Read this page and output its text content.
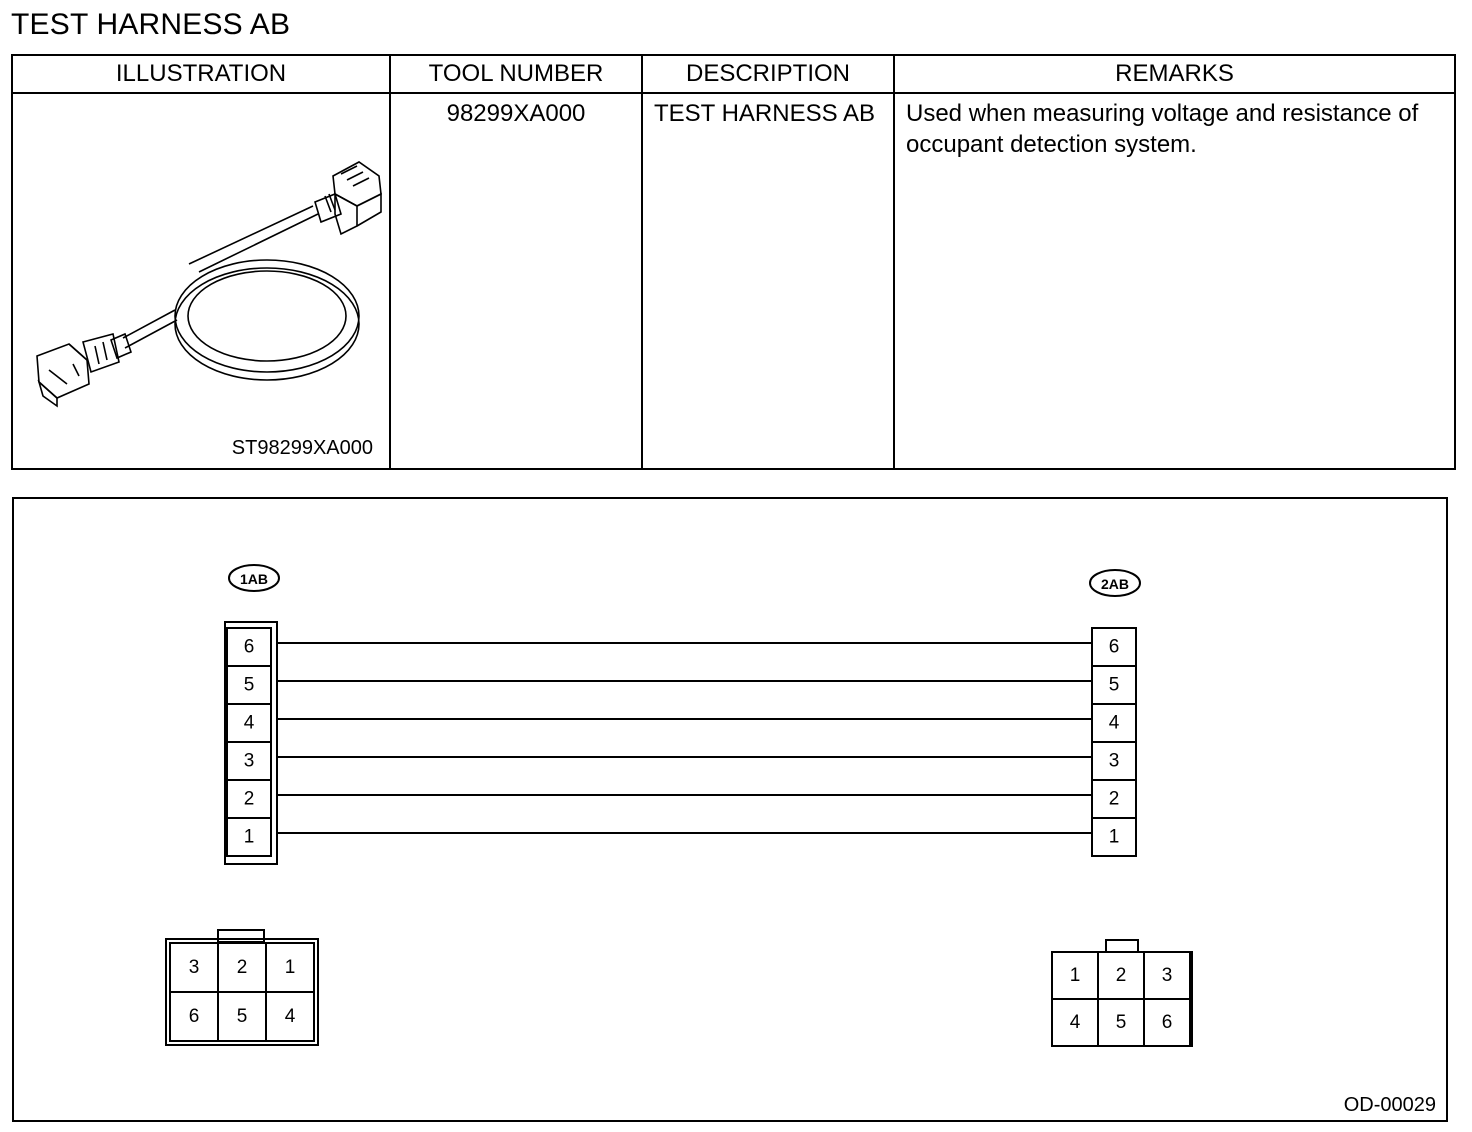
TEST HARNESS AB
ILLUSTRATION	TOOL NUMBER	DESCRIPTION	REMARKS

ST98299XA000	98299XA000	TEST HARNESS AB	Used when measuring voltage and resistance of occupant detection system.
6
5
4
3
2
1
1AB
6
5
4
3
2
1
2AB
3 2 1
6 5 4
1 2 3
4 5 6
OD-00029
